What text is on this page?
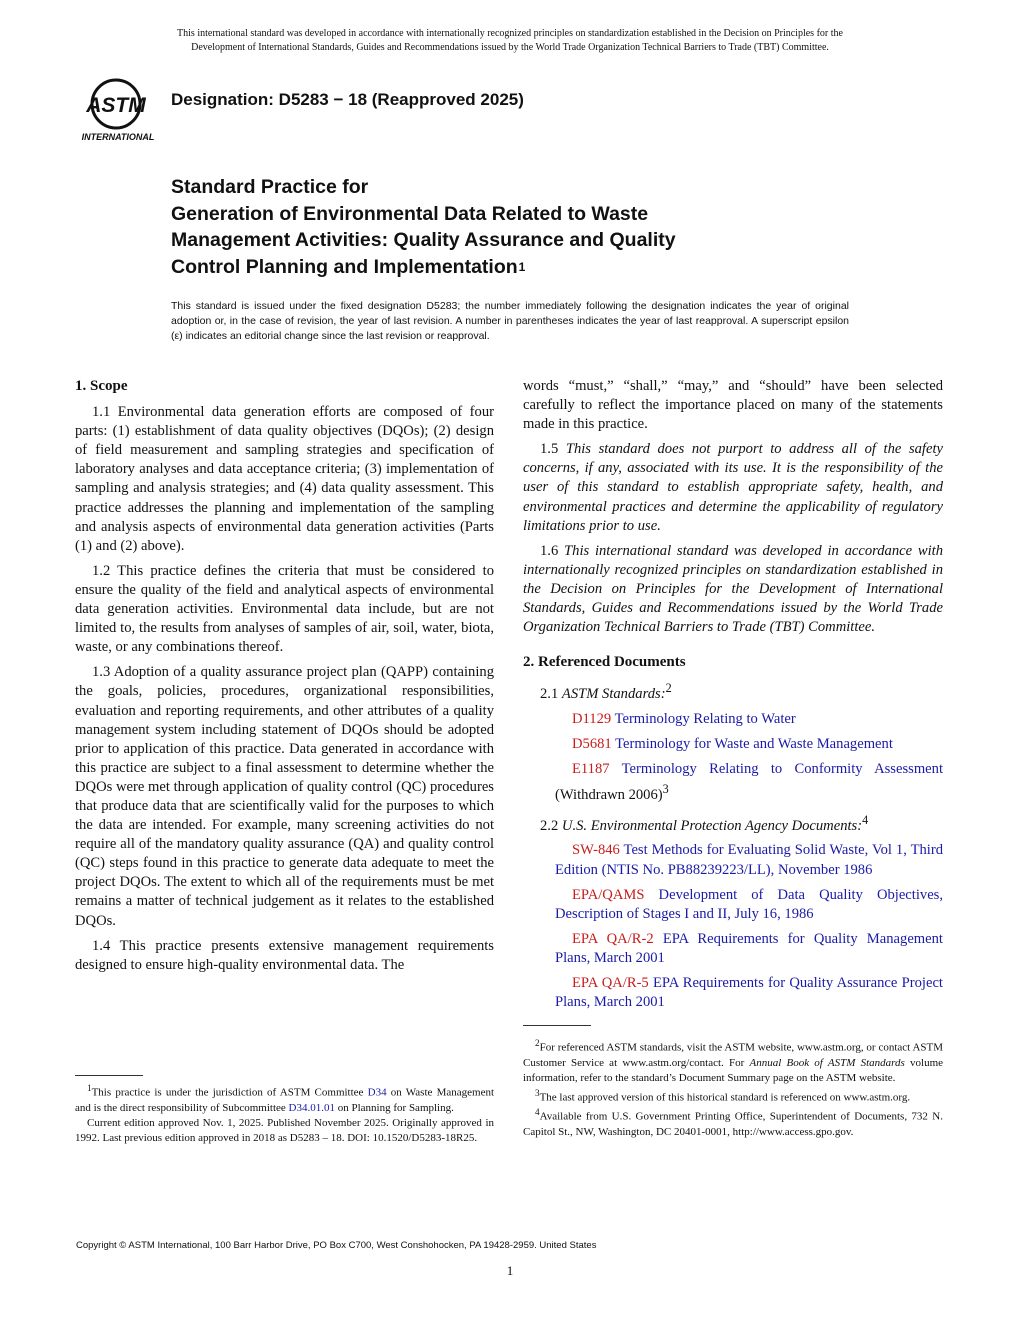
This international standard was developed in accordance with internationally recognized principles on standardization established in the Decision on Principles for the
Development of International Standards, Guides and Recommendations issued by the World Trade Organization Technical Barriers to Trade (TBT) Committee.
ASTM
INTERNATIONAL
Designation: D5283 − 18 (Reapproved 2025)
Standard Practice for
Generation of Environmental Data Related to Waste
Management Activities: Quality Assurance and Quality
Control Planning and Implementation$^1$
This standard is issued under the fixed designation D5283; the number immediately following the designation indicates the year of original adoption or, in the case of revision, the year of last revision. A number in parentheses indicates the year of last reapproval. A superscript epsilon (ε) indicates an editorial change since the last revision or reapproval.
1. Scope

1.1 Environmental data generation efforts are composed of four parts: (1) establishment of data quality objectives (DQOs); (2) design of field measurement and sampling strategies and specification of laboratory analyses and data acceptance criteria; (3) implementation of sampling and analysis strategies; and (4) data quality assessment. This practice addresses the planning and implementation of the sampling and analysis aspects of environmental data generation activities (Parts (1) and (2) above).

1.2 This practice defines the criteria that must be considered to ensure the quality of the field and analytical aspects of environmental data generation activities. Environmental data include, but are not limited to, the results from analyses of samples of air, soil, water, biota, waste, or any combinations thereof.

1.3 Adoption of a quality assurance project plan (QAPP) containing the goals, policies, procedures, organizational responsibilities, evaluation and reporting requirements, and other attributes of a quality management system including statement of DQOs should be adopted prior to application of this practice. Data generated in accordance with this practice are subject to a final assessment to determine whether the DQOs were met through application of quality control (QC) procedures that produce data that are scientifically valid for the purposes to which the data are intended. For example, many screening activities do not require all of the mandatory quality assurance (QA) and quality control (QC) steps found in this practice to generate data adequate to meet the project DQOs. The extent to which all of the requirements must be met remains a matter of technical judgement as it relates to the established DQOs.

1.4 This practice presents extensive management requirements designed to ensure high-quality environmental data. The

$^1$This practice is under the jurisdiction of ASTM Committee D34 on Waste Management and is the direct responsibility of Subcommittee D34.01.01 on Planning for Sampling.

Current edition approved Nov. 1, 2025. Published November 2025. Originally approved in 1992. Last previous edition approved in 2018 as D5283 – 18. DOI: 10.1520/D5283-18R25.

words “must,” “shall,” “may,” and “should” have been selected carefully to reflect the importance placed on many of the statements made in this practice.

1.5 This standard does not purport to address all of the safety concerns, if any, associated with its use. It is the responsibility of the user of this standard to establish appropriate safety, health, and environmental practices and determine the applicability of regulatory limitations prior to use.

1.6 This international standard was developed in accordance with internationally recognized principles on standardization established in the Decision on Principles for the Development of International Standards, Guides and Recommendations issued by the World Trade Organization Technical Barriers to Trade (TBT) Committee.

2. Referenced Documents

2.1 ASTM Standards:$^2$

D1129 Terminology Relating to Water

D5681 Terminology for Waste and Waste Management

E1187 Terminology Relating to Conformity Assessment (Withdrawn 2006)$^3$

2.2 U.S. Environmental Protection Agency Documents:$^4$

SW-846 Test Methods for Evaluating Solid Waste, Vol 1, Third Edition (NTIS No. PB88239223/LL), November 1986

EPA/QAMS Development of Data Quality Objectives, Description of Stages I and II, July 16, 1986

EPA QA/R-2 EPA Requirements for Quality Management Plans, March 2001

EPA QA/R-5 EPA Requirements for Quality Assurance Project Plans, March 2001

$^2$For referenced ASTM standards, visit the ASTM website, www.astm.org, or contact ASTM Customer Service at www.astm.org/contact. For Annual Book of ASTM Standards volume information, refer to the standard’s Document Summary page on the ASTM website.

$^3$The last approved version of this historical standard is referenced on www.astm.org.

$^4$Available from U.S. Government Printing Office, Superintendent of Documents, 732 N. Capitol St., NW, Washington, DC 20401-0001, http://www.access.gpo.gov.

Copyright © ASTM International, 100 Barr Harbor Drive, PO Box C700, West Conshohocken, PA 19428-2959. United States
1
